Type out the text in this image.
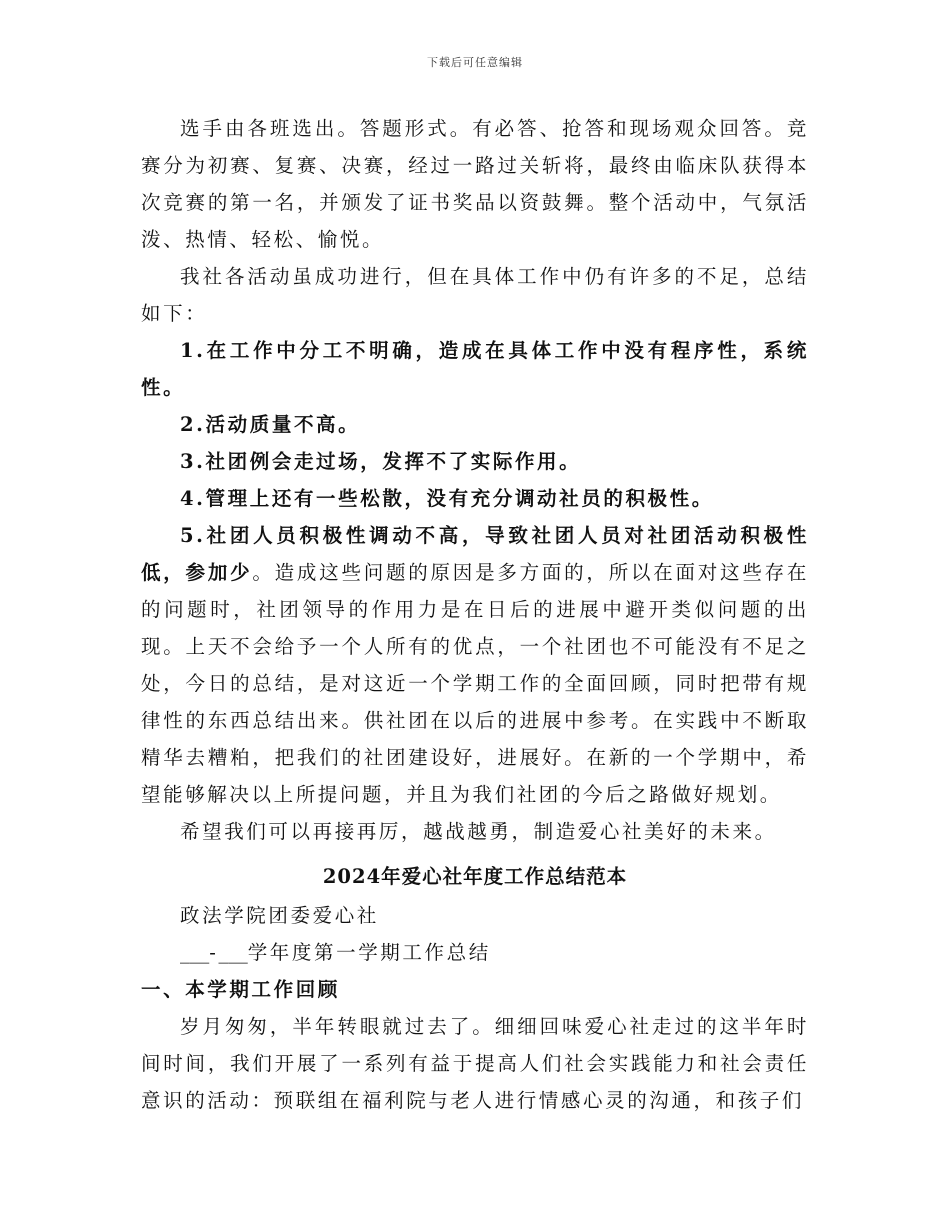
下载后可任意编辑

选手由各班选出。答题形式。有必答、抢答和现场观众回答。竞赛分为初赛、复赛、决赛，经过一路过关斩将，最终由临床队获得本次竞赛的第一名，并颁发了证书奖品以资鼓舞。整个活动中，气氛活泼、热情、轻松、愉悦。

我社各活动虽成功进行，但在具体工作中仍有许多的不足，总结如下：

1.在工作中分工不明确，造成在具体工作中没有程序性，系统性。

2.活动质量不高。

3.社团例会走过场，发挥不了实际作用。

4.管理上还有一些松散，没有充分调动社员的积极性。

5.社团人员积极性调动不高，导致社团人员对社团活动积极性低，参加少。造成这些问题的原因是多方面的，所以在面对这些存在的问题时，社团领导的作用力是在日后的进展中避开类似问题的出现。上天不会给予一个人所有的优点，一个社团也不可能没有不足之处，今日的总结，是对这近一个学期工作的全面回顾，同时把带有规律性的东西总结出来。供社团在以后的进展中参考。在实践中不断取精华去糟粕，把我们的社团建设好，进展好。在新的一个学期中，希望能够解决以上所提问题，并且为我们社团的今后之路做好规划。

希望我们可以再接再厉，越战越勇，制造爱心社美好的未来。

2024年爱心社年度工作总结范本

政法学院团委爱心社

___-___学年度第一学期工作总结

一、本学期工作回顾

岁月匆匆，半年转眼就过去了。细细回味爱心社走过的这半年时间时间，我们开展了一系列有益于提高人们社会实践能力和社会责任意识的活动：预联组在福利院与老人进行情感心灵的沟通，和孩子们
